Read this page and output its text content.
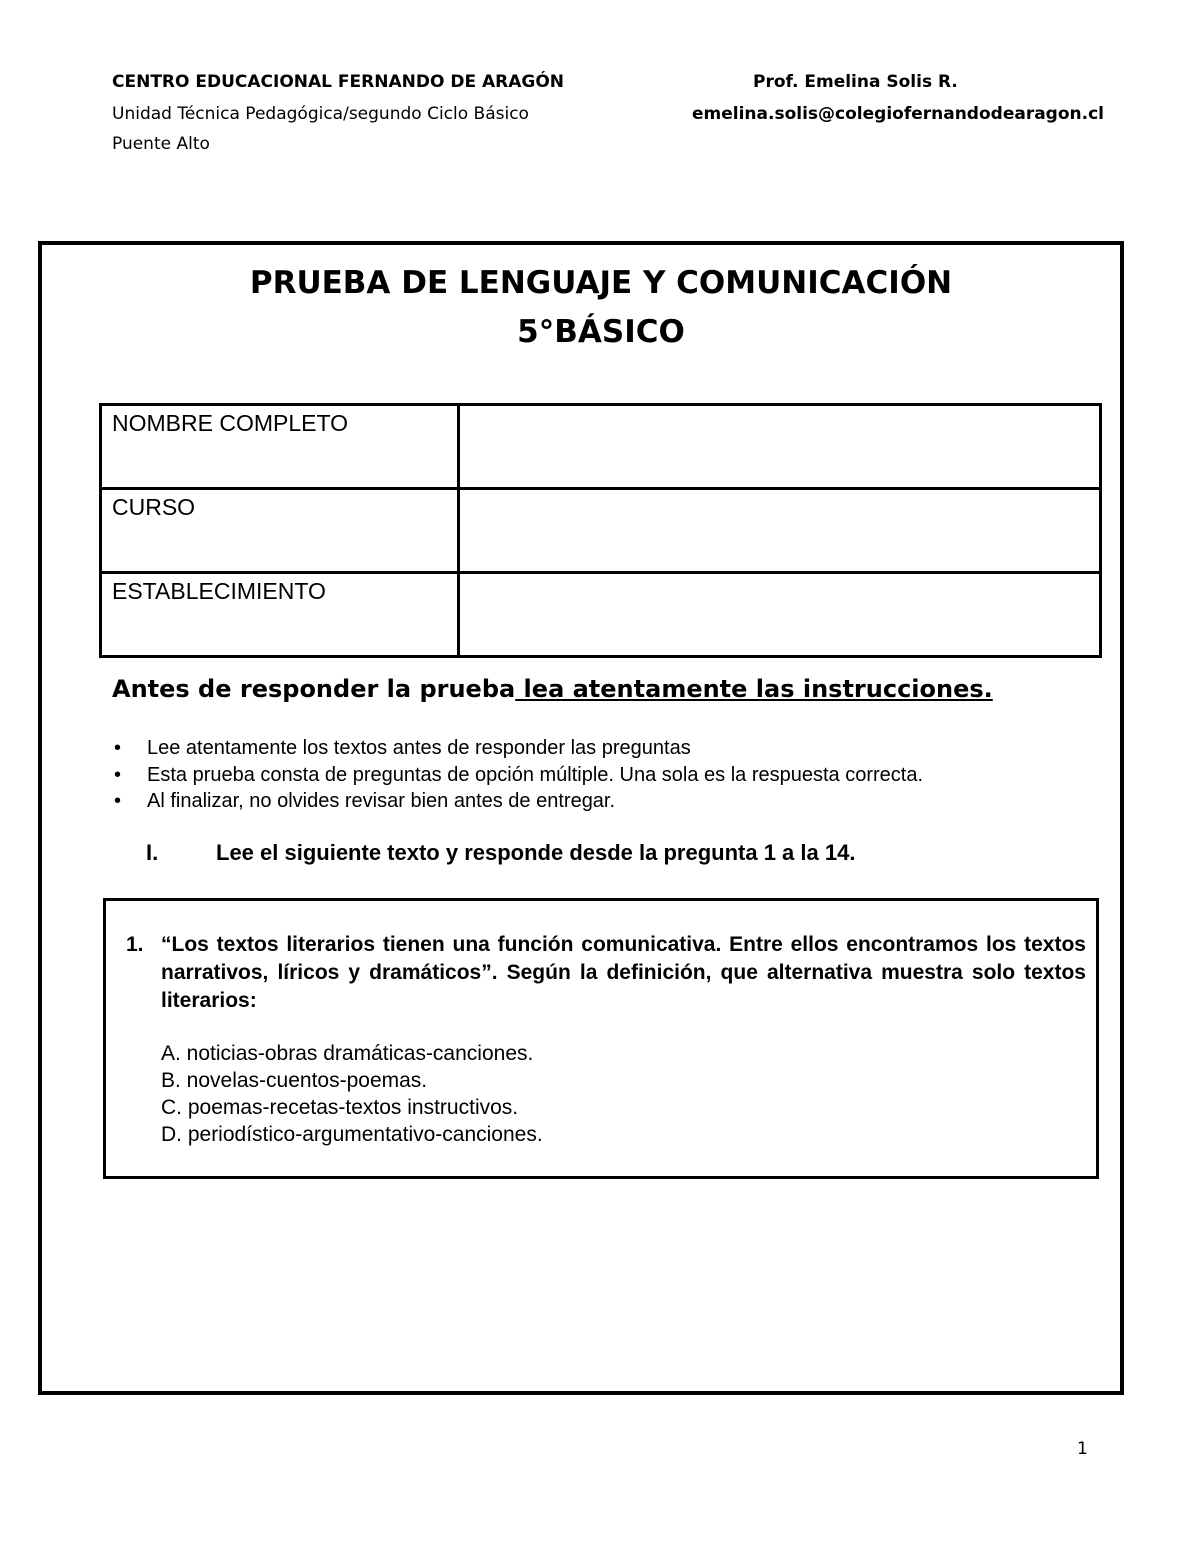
CENTRO EDUCACIONAL FERNANDO DE ARAGÓN
Unidad Técnica Pedagógica/segundo Ciclo Básico
Puente Alto
Prof. Emelina Solis R.
emelina.solis@colegiofernandodearagon.cl
PRUEBA DE LENGUAJE Y COMUNICACIÓN
5°BÁSICO
NOMBRE COMPLETO	
CURSO	
ESTABLECIMIENTO	
Antes de responder la prueba lea atentamente las instrucciones.
• Lee atentamente los textos antes de responder las preguntas
• Esta prueba consta de preguntas de opción múltiple. Una sola es la respuesta correcta.
• Al finalizar, no olvides revisar bien antes de entregar.
I.	Lee el siguiente texto y responde desde la pregunta 1 a la 14.
1. “Los textos literarios tienen una función comunicativa. Entre ellos encontramos los textos narrativos, líricos y dramáticos”. Según la definición, que alternativa muestra solo textos literarios:
A. noticias-obras dramáticas-canciones.
B. novelas-cuentos-poemas.
C. poemas-recetas-textos instructivos.
D. periodístico-argumentativo-canciones.
1
